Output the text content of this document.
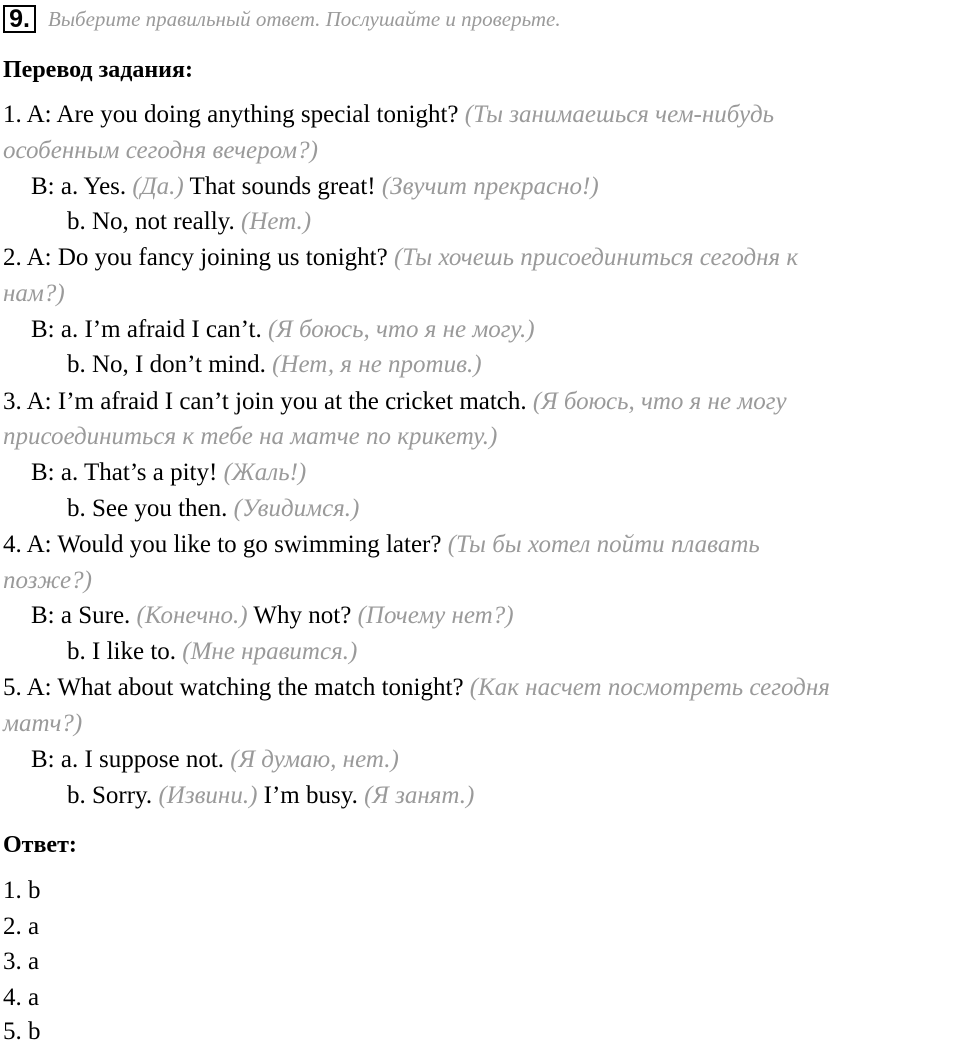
9. Выберите правильный ответ. Послушайте и проверьте.
Перевод задания:
1. A: Are you doing anything special tonight? (Ты занимаешься чем-нибудь
особенным сегодня вечером?)
B: a. Yes. (Да.) That sounds great! (Звучит прекрасно!)
b. No, not really. (Нет.)
2. A: Do you fancy joining us tonight? (Ты хочешь присоединиться сегодня к
нам?)
B: a. I’m afraid I can’t. (Я боюсь, что я не могу.)
b. No, I don’t mind. (Нет, я не против.)
3. A: I’m afraid I can’t join you at the cricket match. (Я боюсь, что я не могу
присоединиться к тебе на матче по крикету.)
B: a. That’s a pity! (Жаль!)
b. See you then. (Увидимся.)
4. A: Would you like to go swimming later? (Ты бы хотел пойти плавать
позже?)
B: a Sure. (Конечно.) Why not? (Почему нет?)
b. I like to. (Мне нравится.)
5. A: What about watching the match tonight? (Как насчет посмотреть сегодня
матч?)
B: a. I suppose not. (Я думаю, нет.)
b. Sorry. (Извини.) I’m busy. (Я занят.)
Ответ:
1. b
2. a
3. a
4. a
5. b
